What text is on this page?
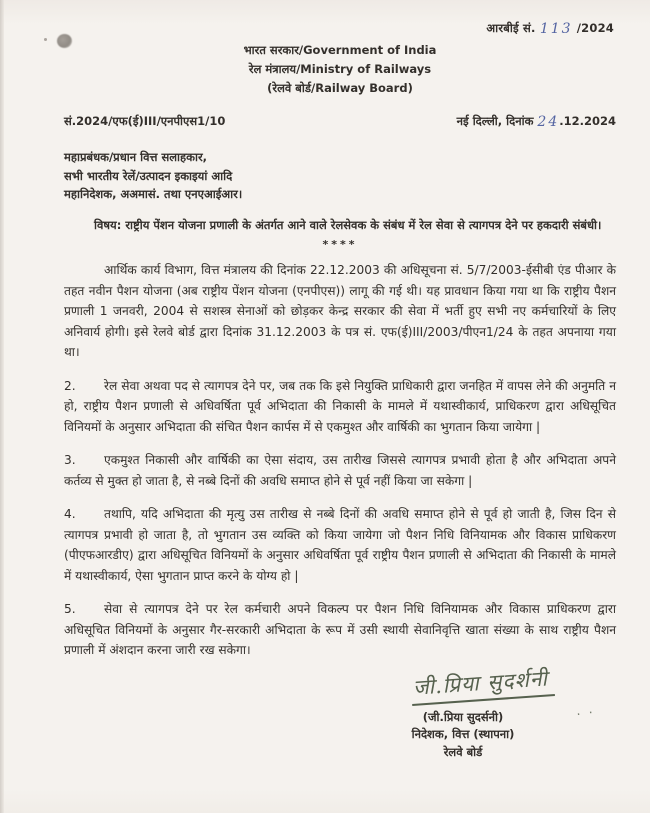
आरबीई सं. 113 /2024
भारत सरकार/Government of India
रेल मंत्रालय/Ministry of Railways
(रेलवे बोर्ड/Railway Board)
सं.2024/एफ(ई)III/एनपीएस1/10	नई दिल्ली, दिनांक 24.12.2024
महाप्रबंधक/प्रधान वित्त सलाहकार,
सभी भारतीय रेलें/उत्पादन इकाइयां आदि
महानिदेशक, अअमासं. तथा एनएआईआर।
विषय: राष्ट्रीय पेंशन योजना प्रणाली के अंतर्गत आने वाले रेलसेवक के संबंध में रेल सेवा से त्यागपत्र देने पर हकदारी संबंधी।
****
आर्थिक कार्य विभाग, वित्त मंत्रालय की दिनांक 22.12.2003 की अधिसूचना सं. 5/7/2003-ईसीबी एंड पीआर के तहत नवीन पैशन योजना (अब राष्ट्रीय पेंशन योजना (एनपीएस)) लागू की गई थी। यह प्रावधान किया गया था कि राष्ट्रीय पैशन प्रणाली 1 जनवरी, 2004 से सशस्त्र सेनाओं को छोड़कर केन्द्र सरकार की सेवा में भर्ती हुए सभी नए कर्मचारियों के लिए अनिवार्य होगी। इसे रेलवे बोर्ड द्वारा दिनांक 31.12.2003 के पत्र सं. एफ(ई)III/2003/पीएन1/24 के तहत अपनाया गया था।
2. रेल सेवा अथवा पद से त्यागपत्र देने पर, जब तक कि इसे नियुक्ति प्राधिकारी द्वारा जनहित में वापस लेने की अनुमति न हो, राष्ट्रीय पैशन प्रणाली से अधिवर्षिता पूर्व अभिदाता की निकासी के मामले में यथास्वीकार्य, प्राधिकरण द्वारा अधिसूचित विनियमों के अनुसार अभिदाता की संचित पैशन कार्पस में से एकमुश्त और वार्षिकी का भुगतान किया जायेगा |
3. एकमुश्त निकासी और वार्षिकी का ऐसा संदाय, उस तारीख जिससे त्यागपत्र प्रभावी होता है और अभिदाता अपने कर्तव्य से मुक्त हो जाता है, से नब्बे दिनों की अवधि समाप्त होने से पूर्व नहीं किया जा सकेगा |
4. तथापि, यदि अभिदाता की मृत्यु उस तारीख से नब्बे दिनों की अवधि समाप्त होने से पूर्व हो जाती है, जिस दिन से त्यागपत्र प्रभावी हो जाता है, तो भुगतान उस व्यक्ति को किया जायेगा जो पैशन निधि विनियामक और विकास प्राधिकरण (पीएफआरडीए) द्वारा अधिसूचित विनियमों के अनुसार अधिवर्षिता पूर्व राष्ट्रीय पैशन प्रणाली से अभिदाता की निकासी के मामले में यथास्वीकार्य, ऐसा भुगतान प्राप्त करने के योग्य हो |
5. सेवा से त्यागपत्र देने पर रेल कर्मचारी अपने विकल्प पर पैशन निधि विनियामक और विकास प्राधिकरण द्वारा अधिसूचित विनियमों के अनुसार गैर-सरकारी अभिदाता के रूप में उसी स्थायी सेवानिवृत्ति खाता संख्या के साथ राष्ट्रीय पैशन प्रणाली में अंशदान करना जारी रख सकेगा।
जी.प्रिया सुदर्शनी
. .
(जी.प्रिया सुदर्सनी)
निदेशक, वित्त (स्थापना)
रेलवे बोर्ड
